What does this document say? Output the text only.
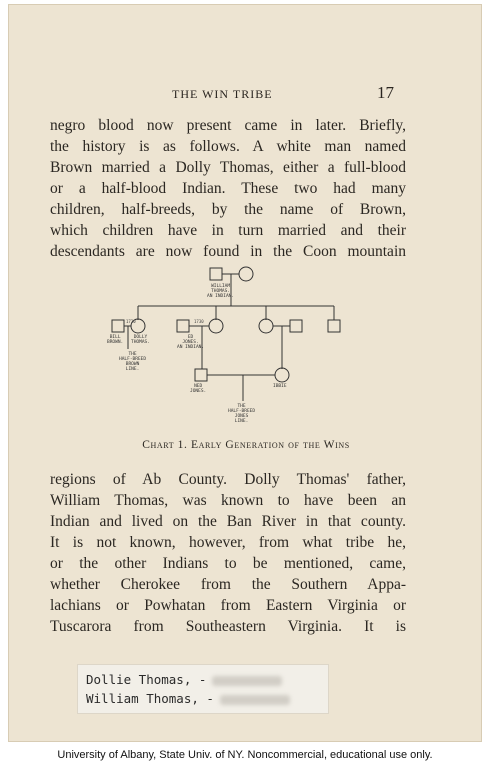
THE WIN TRIBE	17
negro blood now present came in later. Briefly,
the history is as follows. A white man named
Brown married a Dolly Thomas, either a full-blood
or a half-blood Indian. These two had many
children, half-breeds, by the name of Brown,
which children have in turn married and their
descendants are now found in the Coon mountain
1720	1730
WILLIAM
THOMAS.
AN INDIAN.
BILL
BROWN.
DOLLY
THOMAS.
ED
JONES.
AN INDIAN.
THE
HALF-BREED
BROWN
LINE.
NED
JONES.
IBBIE
THE
HALF-BREED
JONES
LINE.
Chart 1. Early Generation of the Wins
regions of Ab County. Dolly Thomas' father,
William Thomas, was known to have been an
Indian and lived on the Ban River in that county.
It is not known, however, from what tribe he,
or the other Indians to be mentioned, came,
whether Cherokee from the Southern Appa-
lachians or Powhatan from Eastern Virginia or
Tuscarora from Southeastern Virginia. It is
Dollie Thomas, -
William Thomas, -
University of Albany, State Univ. of NY. Noncommercial, educational use only.
